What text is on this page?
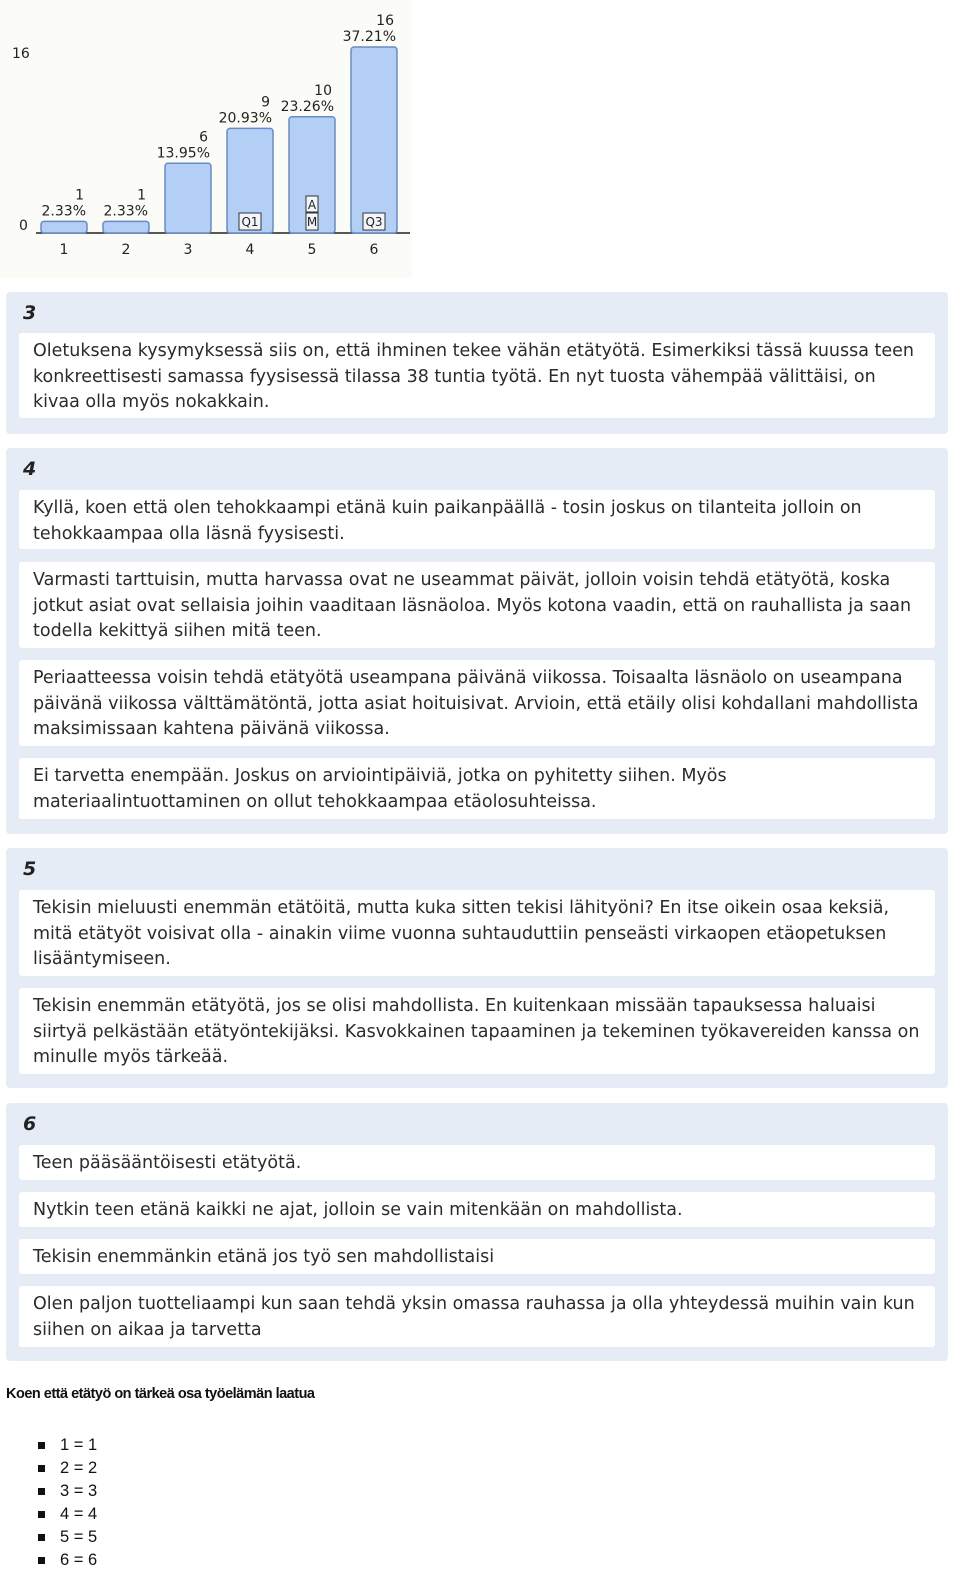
16
0
1
2.33%
1
1
2.33%
2
6
13.95%
3
9
20.93%
4
10
23.26%
5
16
37.21%
6
Q1
A
M	Q3
3
Oletuksena kysymyksessä siis on, että ihminen tekee vähän etätyötä. Esimerkiksi tässä kuussa teen konkreettisesti samassa fyysisessä tilassa 38 tuntia työtä. En nyt tuosta vähempää välittäisi, on kivaa olla myös nokakkain.
4
Kyllä, koen että olen tehokkaampi etänä kuin paikanpäällä - tosin joskus on tilanteita jolloin on tehokkaampaa olla läsnä fyysisesti.
Varmasti tarttuisin, mutta harvassa ovat ne useammat päivät, jolloin voisin tehdä etätyötä, koska jotkut asiat ovat sellaisia joihin vaaditaan läsnäoloa. Myös kotona vaadin, että on rauhallista ja saan todella kekittyä siihen mitä teen.
Periaatteessa voisin tehdä etätyötä useampana päivänä viikossa. Toisaalta läsnäolo on useampana päivänä viikossa välttämätöntä, jotta asiat hoituisivat. Arvioin, että etäily olisi kohdallani mahdollista maksimissaan kahtena päivänä viikossa.
Ei tarvetta enempään. Joskus on arviointipäiviä, jotka on pyhitetty siihen. Myös materiaalintuottaminen on ollut tehokkaampaa etäolosuhteissa.
5
Tekisin mieluusti enemmän etätöitä, mutta kuka sitten tekisi lähityöni? En itse oikein osaa keksiä, mitä etätyöt voisivat olla - ainakin viime vuonna suhtauduttiin penseästi virkaopen etäopetuksen lisääntymiseen.
Tekisin enemmän etätyötä, jos se olisi mahdollista. En kuitenkaan missään tapauksessa haluaisi siirtyä pelkästään etätyöntekijäksi. Kasvokkainen tapaaminen ja tekeminen työkavereiden kanssa on minulle myös tärkeää.
6
Teen pääsääntöisesti etätyötä.
Nytkin teen etänä kaikki ne ajat, jolloin se vain mitenkään on mahdollista.
Tekisin enemmänkin etänä jos työ sen mahdollistaisi
Olen paljon tuotteliaampi kun saan tehdä yksin omassa rauhassa ja olla yhteydessä muihin vain kun siihen on aikaa ja tarvetta
Koen että etätyö on tärkeä osa työelämän laatua
1 = 1
2 = 2
3 = 3
4 = 4
5 = 5
6 = 6
